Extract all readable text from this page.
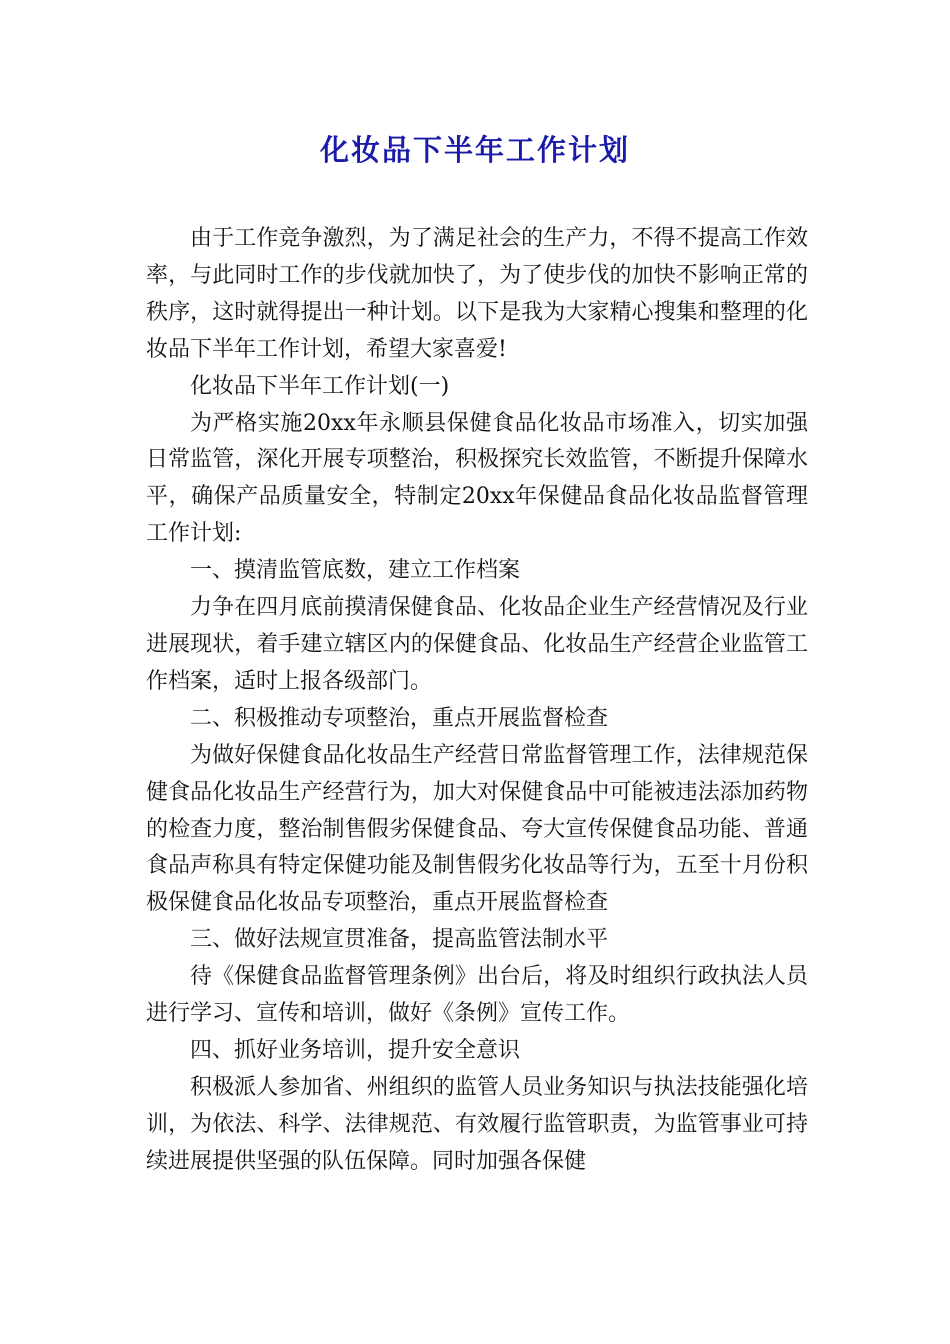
化妆品下半年工作计划

由于工作竞争激烈，为了满足社会的生产力，不得不提高工作效率，与此同时工作的步伐就加快了，为了使步伐的加快不影响正常的秩序，这时就得提出一种计划。以下是我为大家精心搜集和整理的化妆品下半年工作计划，希望大家喜爱!

化妆品下半年工作计划(一)

为严格实施20xx年永顺县保健食品化妆品市场准入，切实加强日常监管，深化开展专项整治，积极探究长效监管，不断提升保障水平，确保产品质量安全，特制定20xx年保健品食品化妆品监督管理工作计划:

一、摸清监管底数，建立工作档案

力争在四月底前摸清保健食品、化妆品企业生产经营情况及行业进展现状，着手建立辖区内的保健食品、化妆品生产经营企业监管工作档案，适时上报各级部门。

二、积极推动专项整治，重点开展监督检查

为做好保健食品化妆品生产经营日常监督管理工作，法律规范保健食品化妆品生产经营行为，加大对保健食品中可能被违法添加药物的检查力度，整治制售假劣保健食品、夸大宣传保健食品功能、普通食品声称具有特定保健功能及制售假劣化妆品等行为，五至十月份积极保健食品化妆品专项整治，重点开展监督检查

三、做好法规宣贯准备，提高监管法制水平

待《保健食品监督管理条例》出台后，将及时组织行政执法人员进行学习、宣传和培训，做好《条例》宣传工作。

四、抓好业务培训，提升安全意识

积极派人参加省、州组织的监管人员业务知识与执法技能强化培训，为依法、科学、法律规范、有效履行监管职责，为监管事业可持续进展提供坚强的队伍保障。同时加强各保健
